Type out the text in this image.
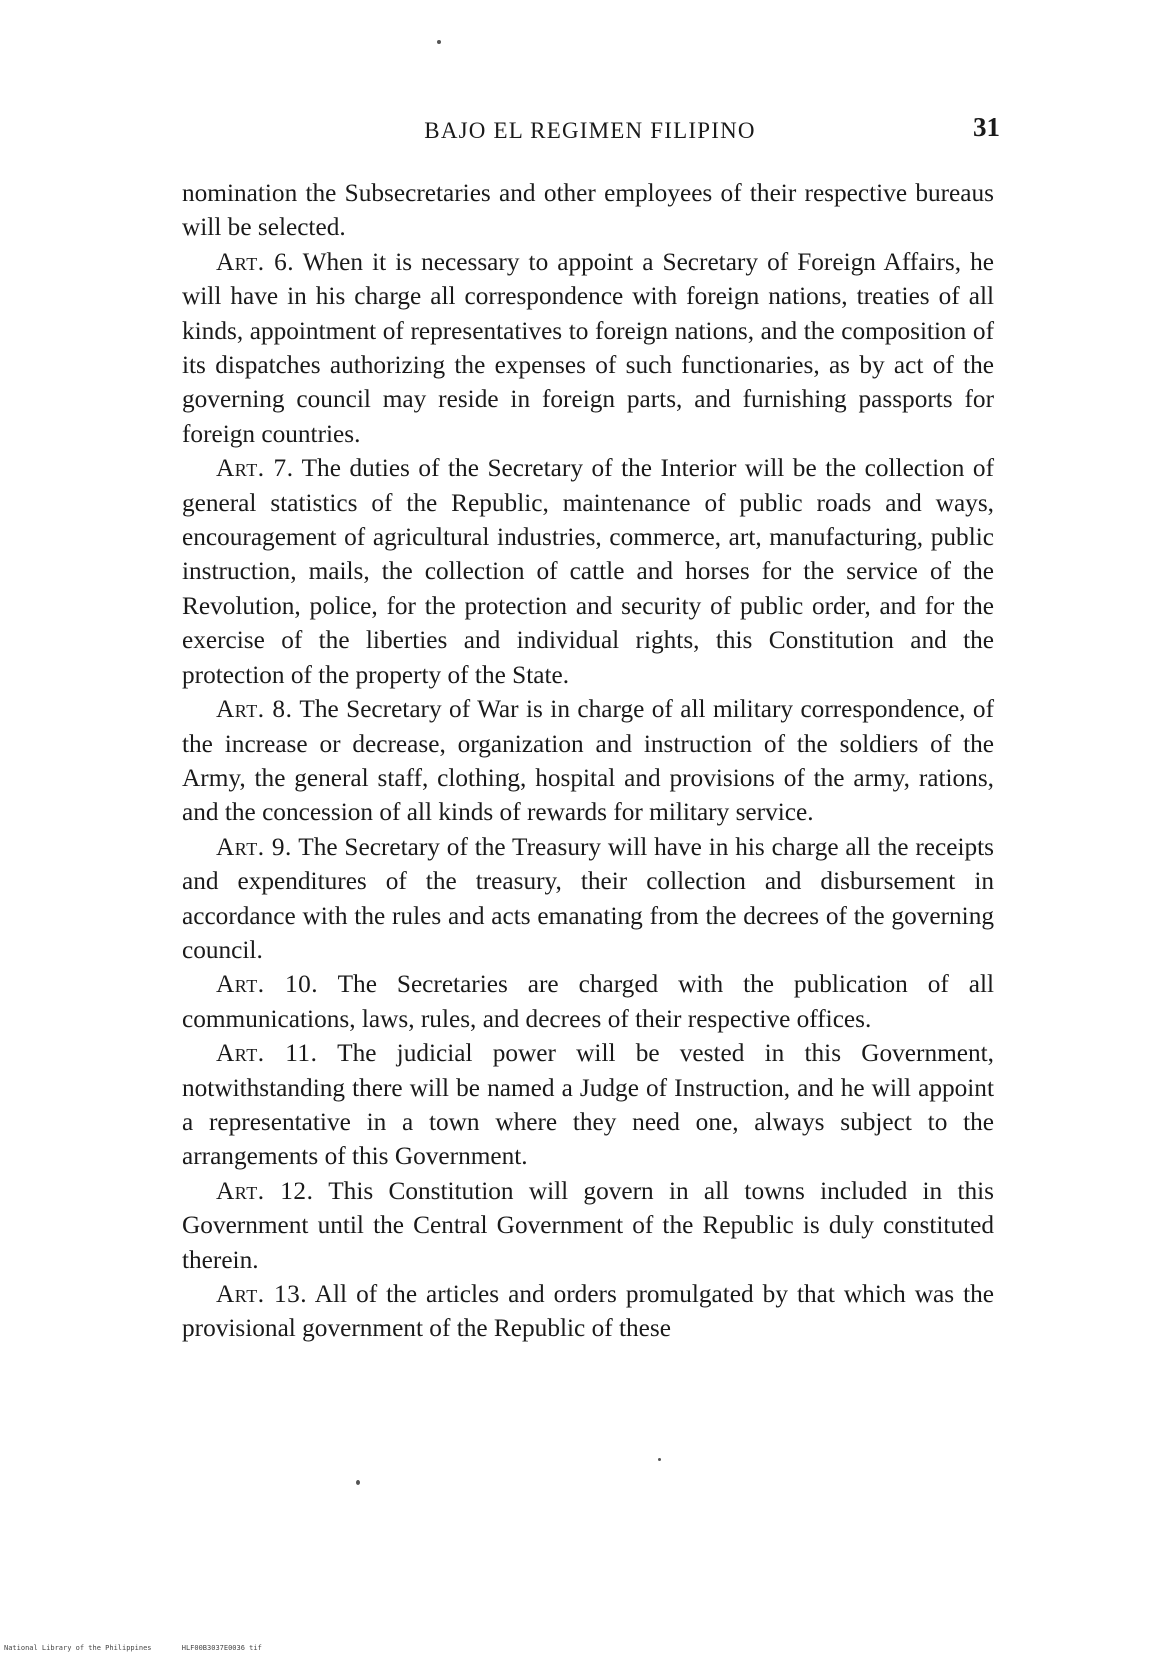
BAJO EL REGIMEN FILIPINO	31

nomination the Subsecretaries and other employees of their respective bureaus will be selected.

Art. 6. When it is necessary to appoint a Secretary of Foreign Affairs, he will have in his charge all correspondence with foreign nations, treaties of all kinds, appointment of representatives to foreign nations, and the composition of its dispatches authorizing the expenses of such functionaries, as by act of the governing council may reside in foreign parts, and furnishing passports for foreign countries.

Art. 7. The duties of the Secretary of the Interior will be the collection of general statistics of the Republic, maintenance of public roads and ways, encouragement of agricultural industries, commerce, art, manufacturing, public instruction, mails, the collection of cattle and horses for the service of the Revolution, police, for the protection and security of public order, and for the exercise of the liberties and individual rights, this Constitution and the protection of the property of the State.

Art. 8. The Secretary of War is in charge of all military correspondence, of the increase or decrease, organization and instruction of the soldiers of the Army, the general staff, clothing, hospital and provisions of the army, rations, and the concession of all kinds of rewards for military service.

Art. 9. The Secretary of the Treasury will have in his charge all the receipts and expenditures of the treasury, their collection and disbursement in accordance with the rules and acts emanating from the decrees of the governing council.

Art. 10. The Secretaries are charged with the publication of all communications, laws, rules, and decrees of their respective offices.

Art. 11. The judicial power will be vested in this Government, notwithstanding there will be named a Judge of Instruction, and he will appoint a representative in a town where they need one, always subject to the arrangements of this Government.

Art. 12. This Constitution will govern in all towns included in this Government until the Central Government of the Republic is duly constituted therein.

Art. 13. All of the articles and orders promulgated by that which was the provisional government of the Republic of these

National Library of the Philippines	HLF00B3037E0036 tif
